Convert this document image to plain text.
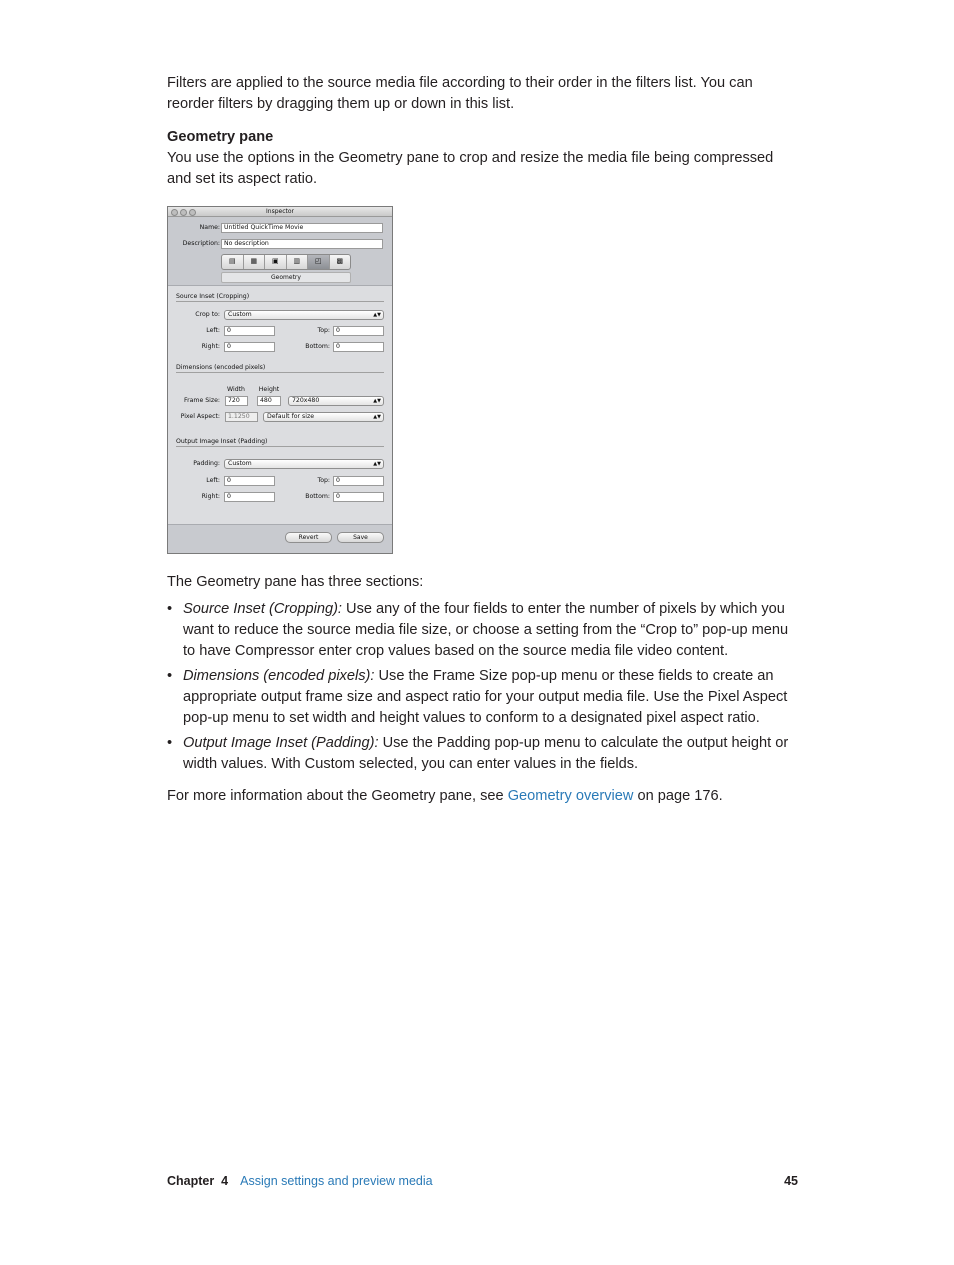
Filters are applied to the source media file according to their order in the filters list. You can reorder filters by dragging them up or down in this list.
Geometry pane
You use the options in the Geometry pane to crop and resize the media file being compressed and set its aspect ratio.
Inspector
Name: Untitled QuickTime Movie
Description: No description
▤	▦	▣	▥	◰	▩
Geometry
Source Inset (Cropping)
Crop to:	Custom	▲▼
Left:	0	Top: 0
Right:	0	Bottom: 0
Dimensions (encoded pixels)
Width	Height
Frame Size:	720	480	720x480	▲▼
Pixel Aspect:	1.1250	Default for size	▲▼
Output Image Inset (Padding)
Padding:	Custom	▲▼
Left:	0	Top: 0
Right:	0	Bottom: 0
Revert	Save
The Geometry pane has three sections:
• Source Inset (Cropping): Use any of the four fields to enter the number of pixels by which you want to reduce the source media file size, or choose a setting from the “Crop to” pop-up menu to have Compressor enter crop values based on the source media file video content.
• Dimensions (encoded pixels): Use the Frame Size pop-up menu or these fields to create an appropriate output frame size and aspect ratio for your output media file. Use the Pixel Aspect pop-up menu to set width and height values to conform to a designated pixel aspect ratio.
• Output Image Inset (Padding): Use the Padding pop-up menu to calculate the output height or width values. With Custom selected, you can enter values in the fields.
For more information about the Geometry pane, see Geometry overview on page 176.
Chapter  4 Assign settings and preview media	45
